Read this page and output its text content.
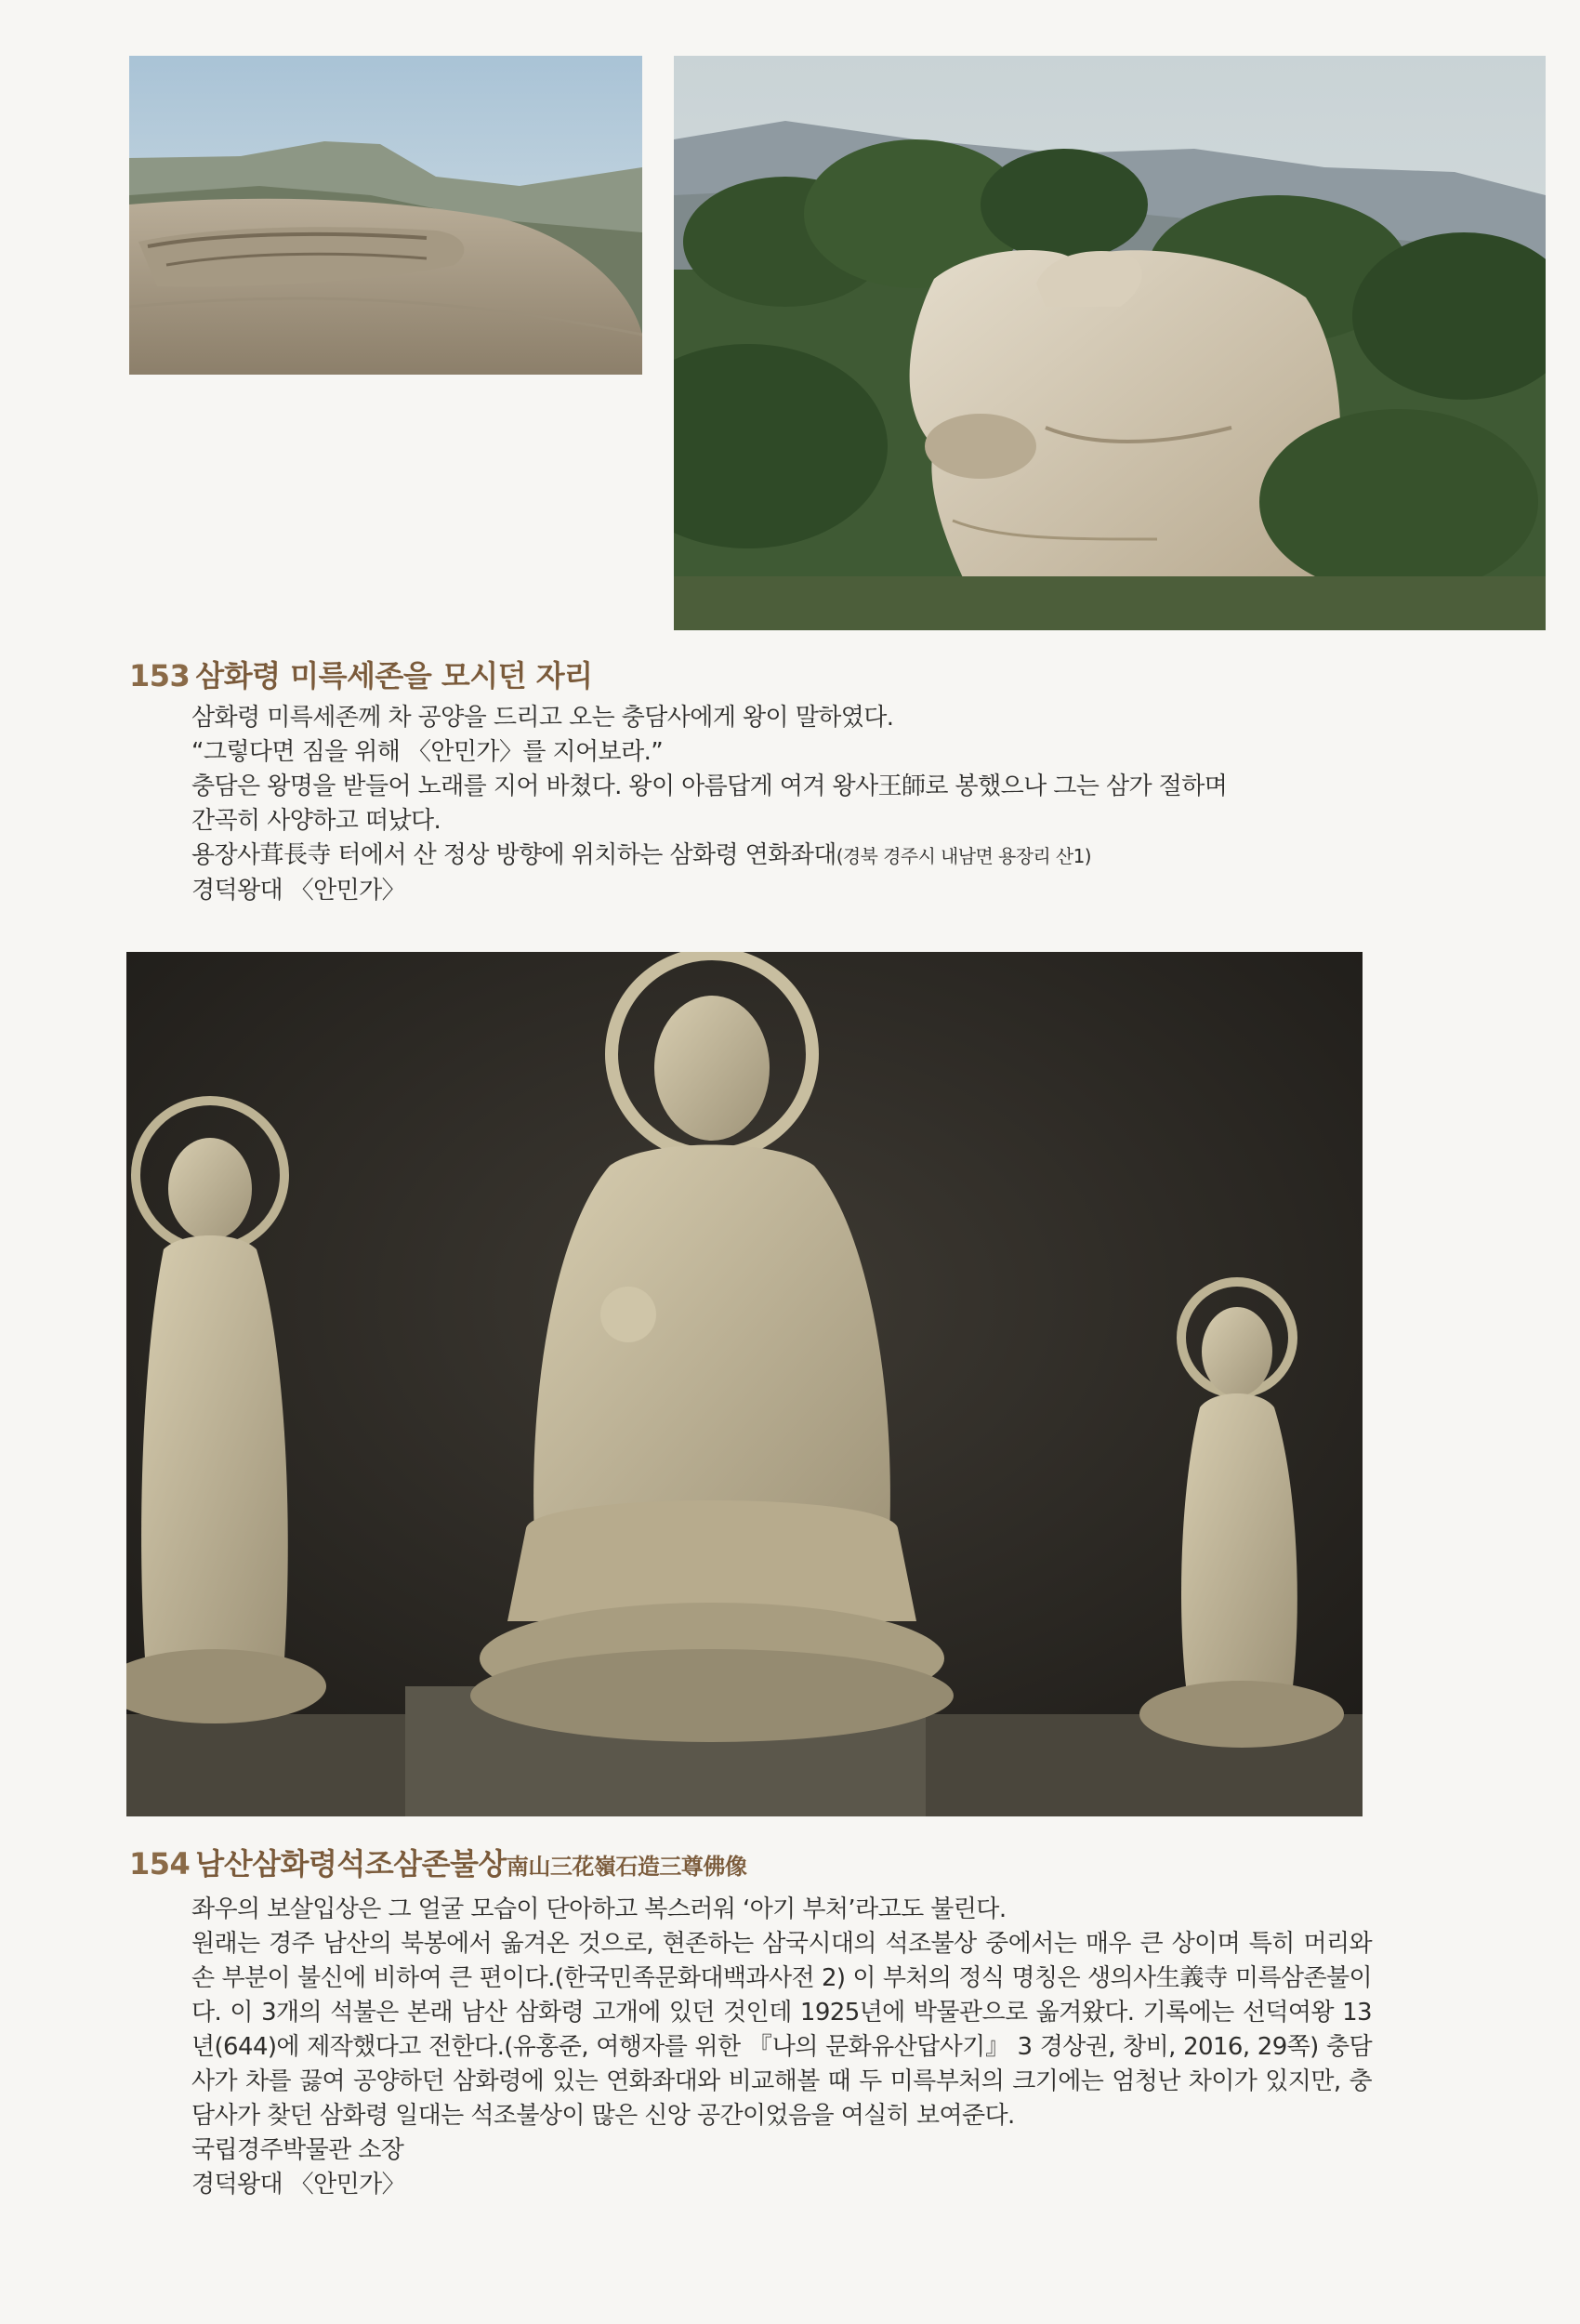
153 삼화령 미륵세존을 모시던 자리

삼화령 미륵세존께 차 공양을 드리고 오는 충담사에게 왕이 말하였다.

“그렇다면 짐을 위해 〈안민가〉를 지어보라.”

충담은 왕명을 받들어 노래를 지어 바쳤다. 왕이 아름답게 여겨 왕사王師로 봉했으나 그는 삼가 절하며

간곡히 사양하고 떠났다.

용장사茸長寺 터에서 산 정상 방향에 위치하는 삼화령 연화좌대(경북 경주시 내남면 용장리 산1)

경덕왕대 〈안민가〉

154 남산삼화령석조삼존불상南山三花嶺石造三尊佛像

좌우의 보살입상은 그 얼굴 모습이 단아하고 복스러워 ‘아기 부처’라고도 불린다.

원래는 경주 남산의 북봉에서 옮겨온 것으로, 현존하는 삼국시대의 석조불상 중에서는 매우 큰 상이며 특히 머리와 손 부분이 불신에 비하여 큰 편이다.(한국민족문화대백과사전 2) 이 부처의 정식 명칭은 생의사生義寺 미륵삼존불이다. 이 3개의 석불은 본래 남산 삼화령 고개에 있던 것인데 1925년에 박물관으로 옮겨왔다. 기록에는 선덕여왕 13년(644)에 제작했다고 전한다.(유홍준, 여행자를 위한 『나의 문화유산답사기』 3 경상권, 창비, 2016, 29쪽) 충담사가 차를 끓여 공양하던 삼화령에 있는 연화좌대와 비교해볼 때 두 미륵부처의 크기에는 엄청난 차이가 있지만, 충담사가 찾던 삼화령 일대는 석조불상이 많은 신앙 공간이었음을 여실히 보여준다.

국립경주박물관 소장

경덕왕대 〈안민가〉
